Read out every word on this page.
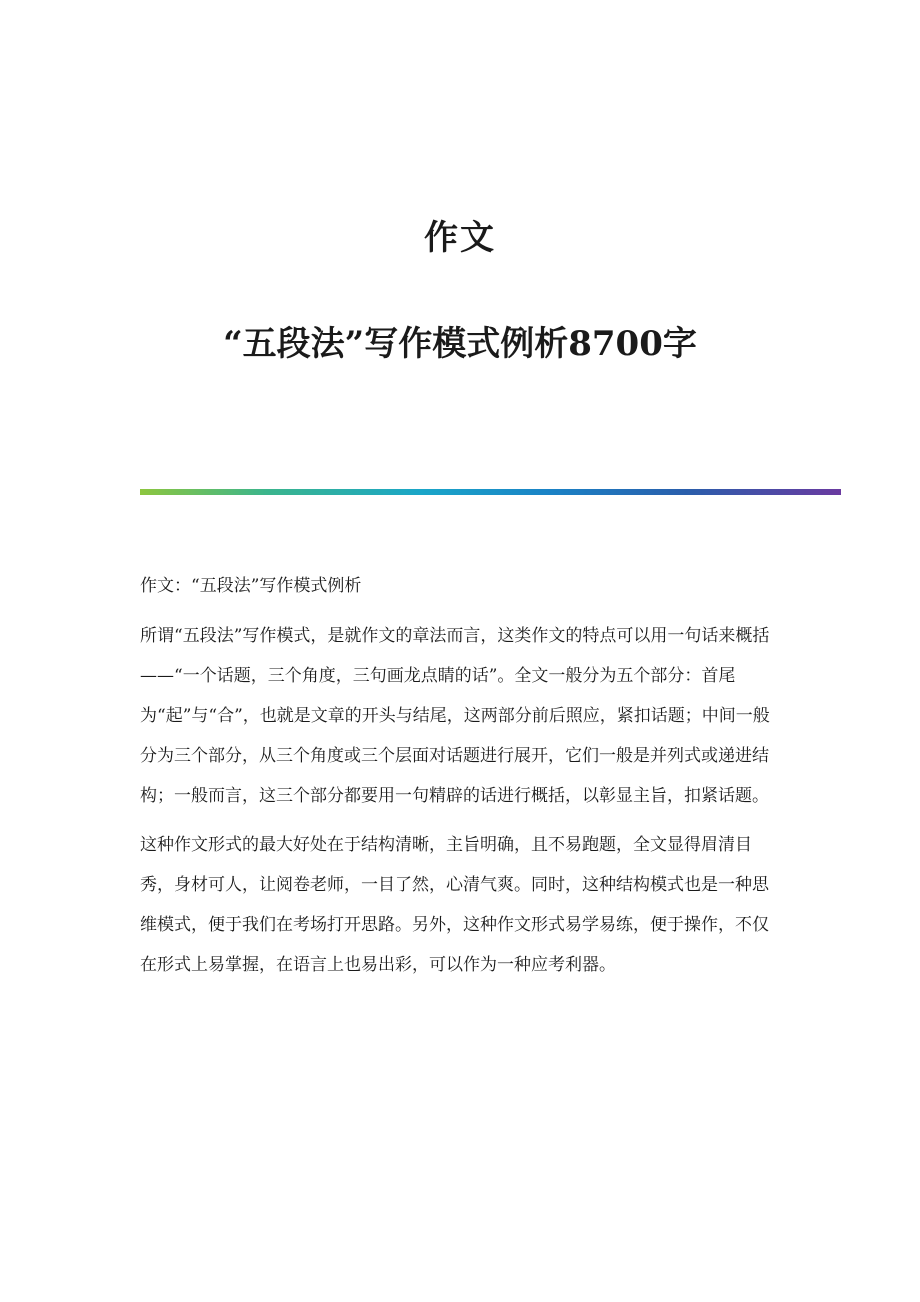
作文
“五段法”写作模式例析8700字

作文：“五段法”写作模式例析

所谓“五段法”写作模式，是就作文的章法而言，这类作文的特点可以用一句话来概括——“一个话题，三个角度，三句画龙点睛的话”。全文一般分为五个部分：首尾为“起”与“合”，也就是文章的开头与结尾，这两部分前后照应，紧扣话题；中间一般分为三个部分，从三个角度或三个层面对话题进行展开，它们一般是并列式或递进结构；一般而言，这三个部分都要用一句精辟的话进行概括，以彰显主旨，扣紧话题。

这种作文形式的最大好处在于结构清晰，主旨明确，且不易跑题，全文显得眉清目秀，身材可人，让阅卷老师，一目了然，心清气爽。同时，这种结构模式也是一种思维模式，便于我们在考场打开思路。另外，这种作文形式易学易练，便于操作，不仅在形式上易掌握，在语言上也易出彩，可以作为一种应考利器。
